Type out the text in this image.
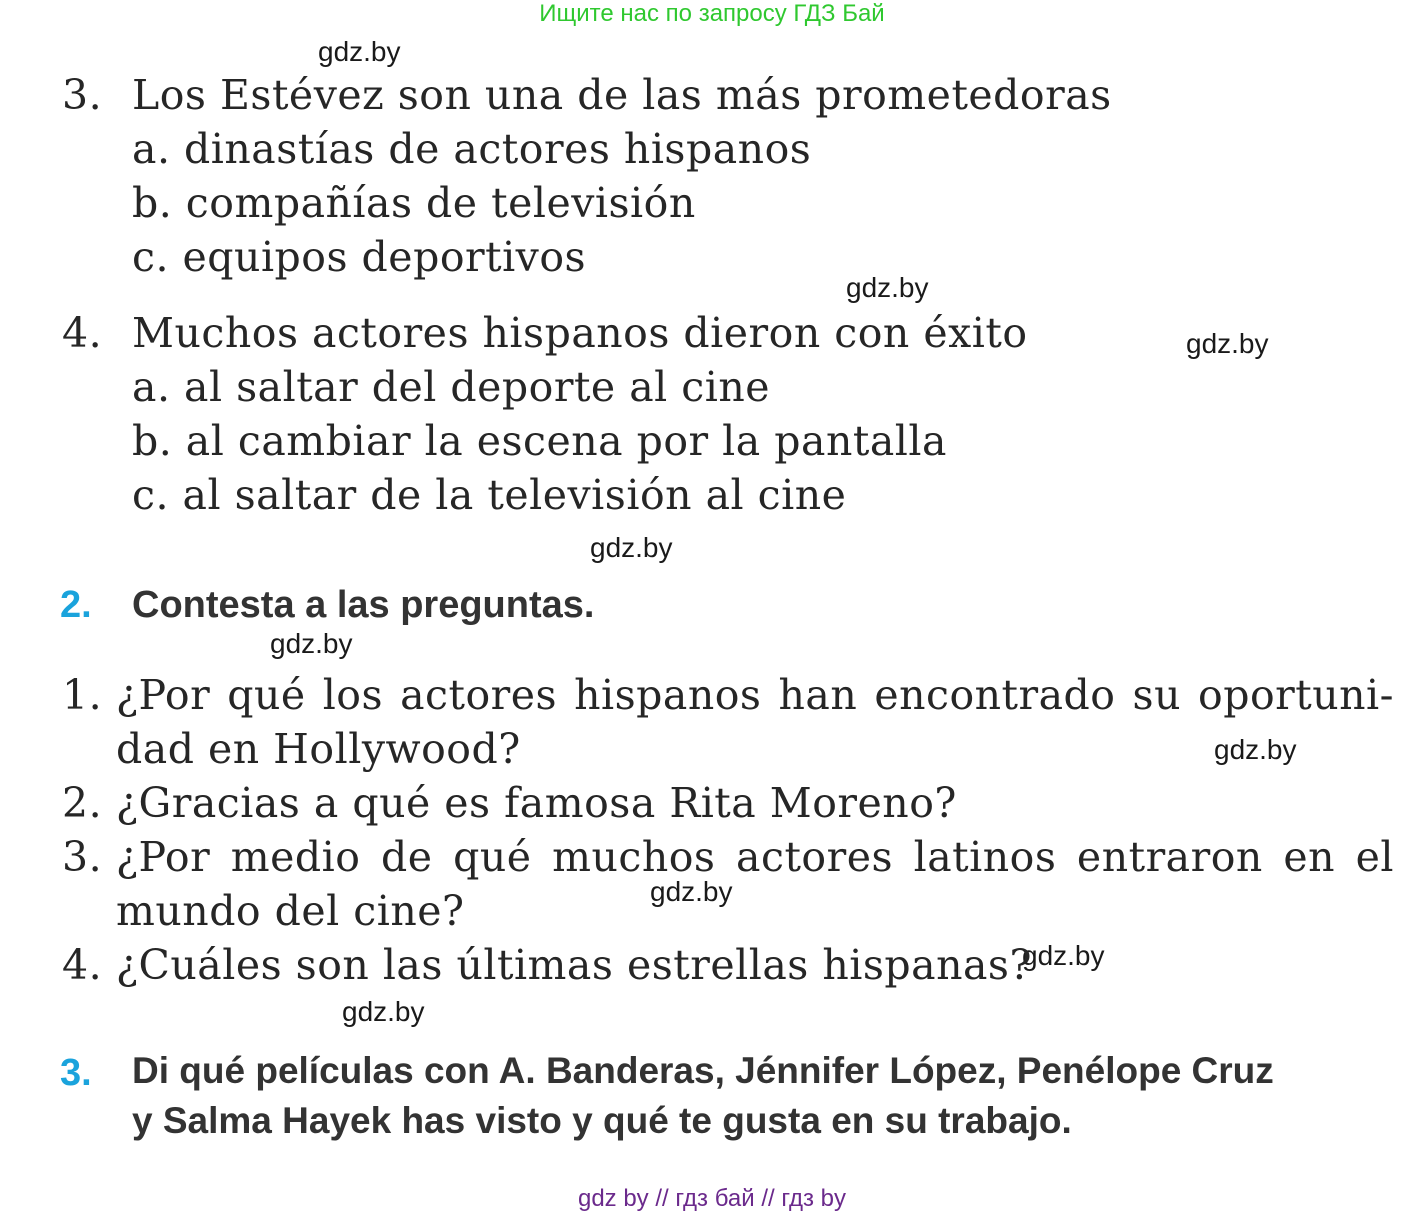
Ищите нас по запросу ГДЗ Бай
gdz.by
gdz.by
gdz.by
gdz.by
gdz.by
gdz.by
gdz.by
gdz.by
gdz.by
3. Los Estévez son una de las más prometedoras
a. dinastías de actores hispanos
b. compañías de televisión
c. equipos deportivos
4. Muchos actores hispanos dieron con éxito
a. al saltar del deporte al cine
b. al cambiar la escena por la pantalla
c. al saltar de la televisión al cine
2. Contesta a las preguntas.
1. ¿Por qué los actores hispanos han encontrado su oportuni-
dad en Hollywood?
2. ¿Gracias a qué es famosa Rita Moreno?
3. ¿Por medio de qué muchos actores latinos entraron en el
mundo del cine?
4. ¿Cuáles son las últimas estrellas hispanas?
3. Di qué películas con A. Banderas, Jénnifer López, Penélope Cruz
y Salma Hayek has visto y qué te gusta en su trabajo.
gdz by // гдз бай // гдз by
